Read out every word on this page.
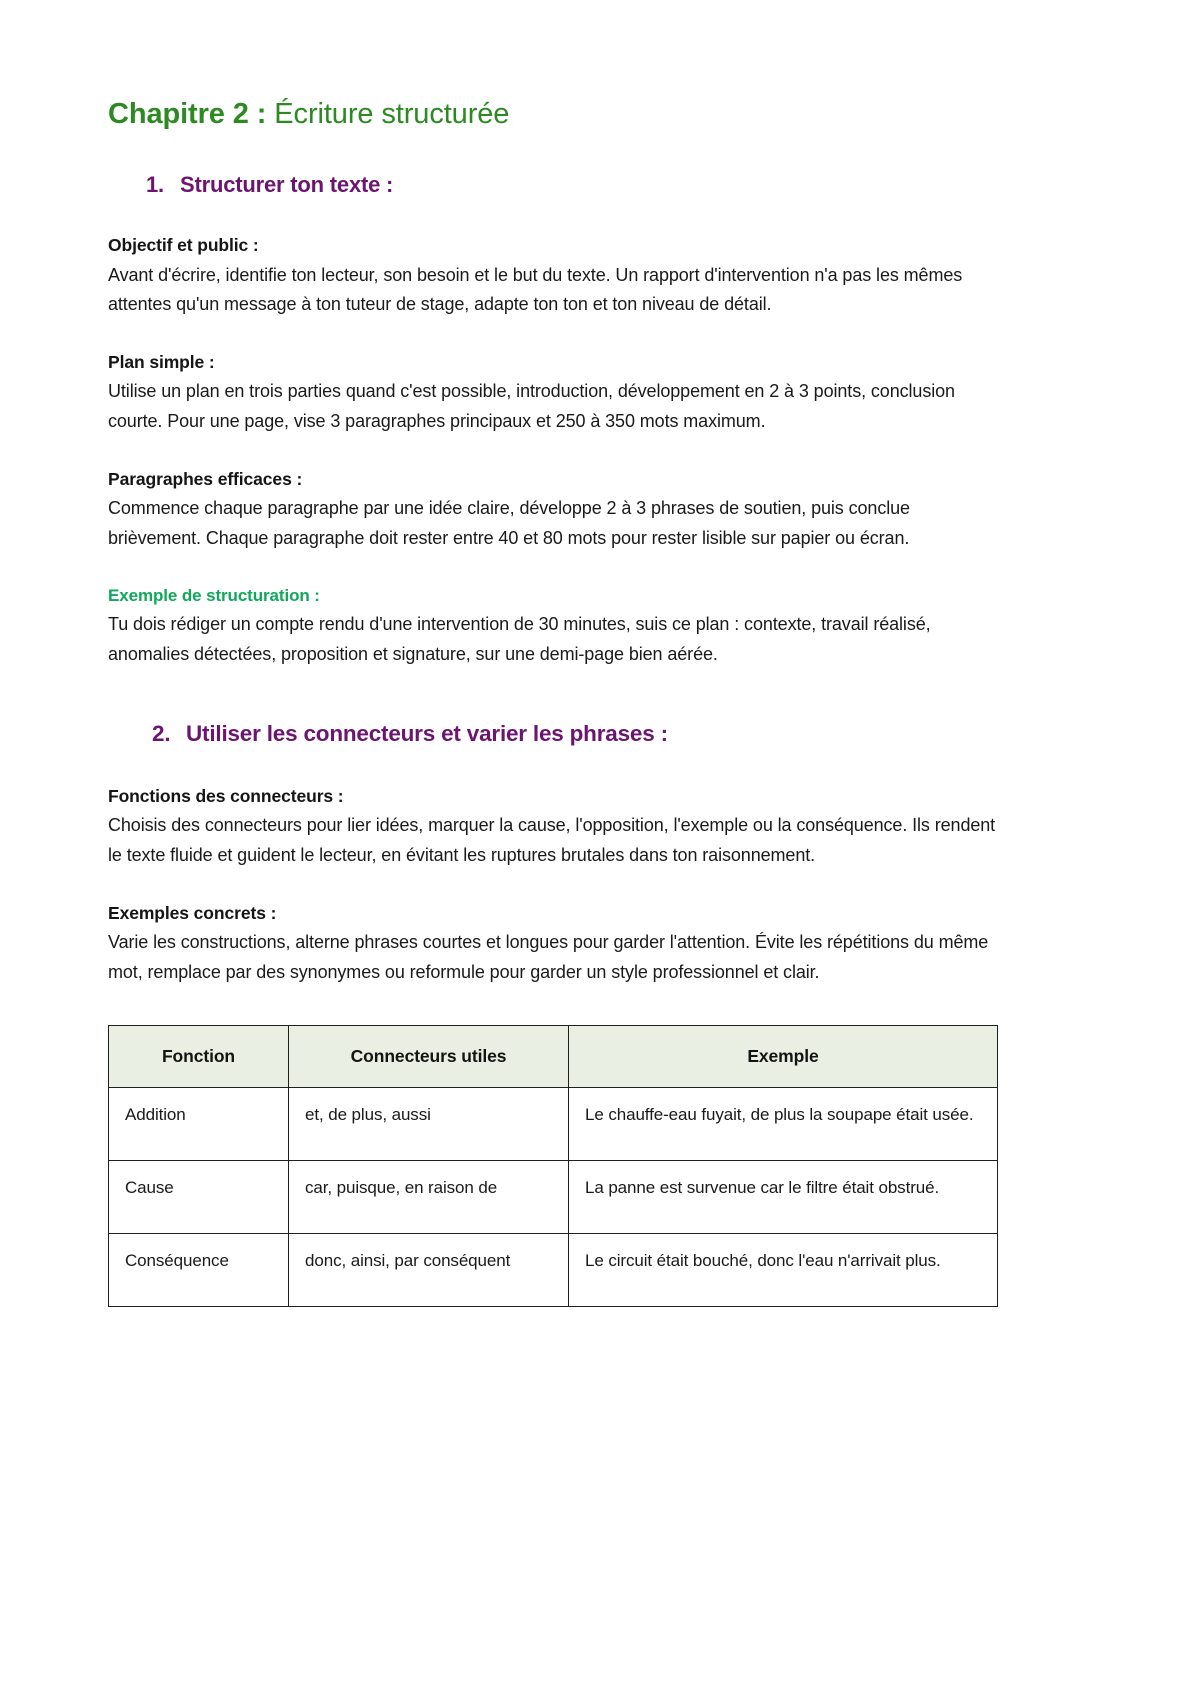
Chapitre 2 : Écriture structurée
1. Structurer ton texte :
Objectif et public :

Avant d'écrire, identifie ton lecteur, son besoin et le but du texte. Un rapport d'intervention n'a pas les mêmes attentes qu'un message à ton tuteur de stage, adapte ton ton et ton niveau de détail.

Plan simple :

Utilise un plan en trois parties quand c'est possible, introduction, développement en 2 à 3 points, conclusion courte. Pour une page, vise 3 paragraphes principaux et 250 à 350 mots maximum.

Paragraphes efficaces :

Commence chaque paragraphe par une idée claire, développe 2 à 3 phrases de soutien, puis conclue brièvement. Chaque paragraphe doit rester entre 40 et 80 mots pour rester lisible sur papier ou écran.

Exemple de structuration :

Tu dois rédiger un compte rendu d'une intervention de 30 minutes, suis ce plan : contexte, travail réalisé, anomalies détectées, proposition et signature, sur une demi-page bien aérée.

2. Utiliser les connecteurs et varier les phrases :
Fonctions des connecteurs :

Choisis des connecteurs pour lier idées, marquer la cause, l'opposition, l'exemple ou la conséquence. Ils rendent le texte fluide et guident le lecteur, en évitant les ruptures brutales dans ton raisonnement.

Exemples concrets :

Varie les constructions, alterne phrases courtes et longues pour garder l'attention. Évite les répétitions du même mot, remplace par des synonymes ou reformule pour garder un style professionnel et clair.

Fonction	Connecteurs utiles	Exemple
Addition	et, de plus, aussi	Le chauffe-eau fuyait, de plus la soupape était usée.
Cause	car, puisque, en raison de	La panne est survenue car le filtre était obstrué.
Conséquence	donc, ainsi, par conséquent	Le circuit était bouché, donc l'eau n'arrivait plus.
